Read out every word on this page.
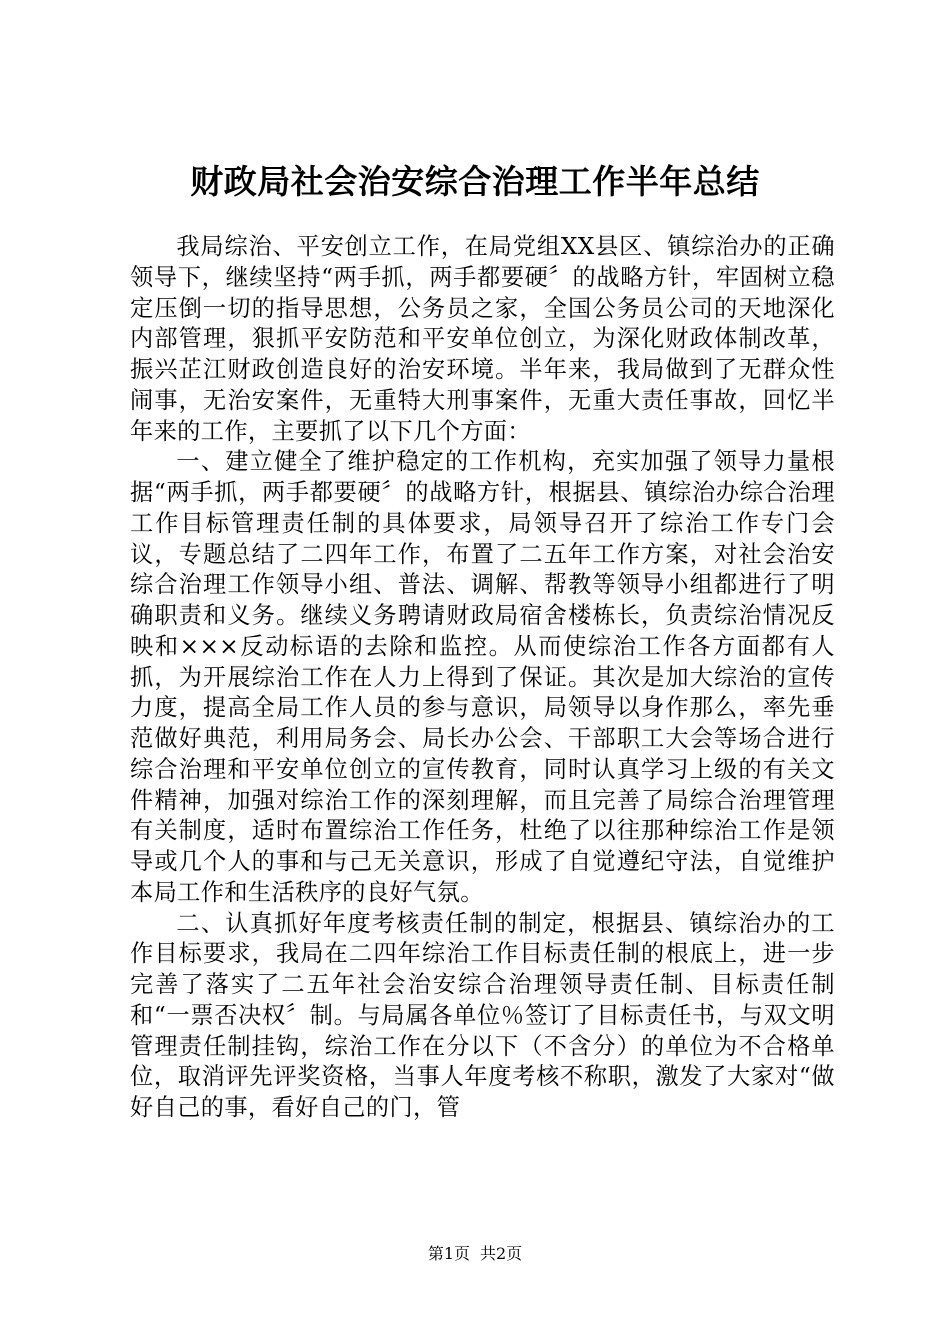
财政局社会治安综合治理工作半年总结

我局综治、平安创立工作，在局党组XX县区、镇综治办的正确领导下，继续坚持“两手抓，两手都要硬〞的战略方针，牢固树立稳定压倒一切的指导思想，公务员之家，全国公务员公司的天地深化内部管理，狠抓平安防范和平安单位创立，为深化财政体制改革，振兴芷江财政创造良好的治安环境。半年来，我局做到了无群众性闹事，无治安案件，无重特大刑事案件，无重大责任事故，回忆半年来的工作，主要抓了以下几个方面：

一、建立健全了维护稳定的工作机构，充实加强了领导力量根据“两手抓，两手都要硬〞的战略方针，根据县、镇综治办综合治理工作目标管理责任制的具体要求，局领导召开了综治工作专门会议，专题总结了二四年工作，布置了二五年工作方案，对社会治安综合治理工作领导小组、普法、调解、帮教等领导小组都进行了明确职责和义务。继续义务聘请财政局宿舍楼栋长，负责综治情况反映和×××反动标语的去除和监控。从而使综治工作各方面都有人抓，为开展综治工作在人力上得到了保证。其次是加大综治的宣传力度，提高全局工作人员的参与意识，局领导以身作那么，率先垂范做好典范，利用局务会、局长办公会、干部职工大会等场合进行综合治理和平安单位创立的宣传教育，同时认真学习上级的有关文件精神，加强对综治工作的深刻理解，而且完善了局综合治理管理有关制度，适时布置综治工作任务，杜绝了以往那种综治工作是领导或几个人的事和与己无关意识，形成了自觉遵纪守法，自觉维护本局工作和生活秩序的良好气氛。

二、认真抓好年度考核责任制的制定，根据县、镇综治办的工作目标要求，我局在二四年综治工作目标责任制的根底上，进一步完善了落实了二五年社会治安综合治理领导责任制、目标责任制和“一票否决权〞制。与局属各单位％签订了目标责任书，与双文明管理责任制挂钩，综治工作在分以下（不含分）的单位为不合格单位，取消评先评奖资格，当事人年度考核不称职，激发了大家对“做好自己的事，看好自己的门，管

第1页 共2页
